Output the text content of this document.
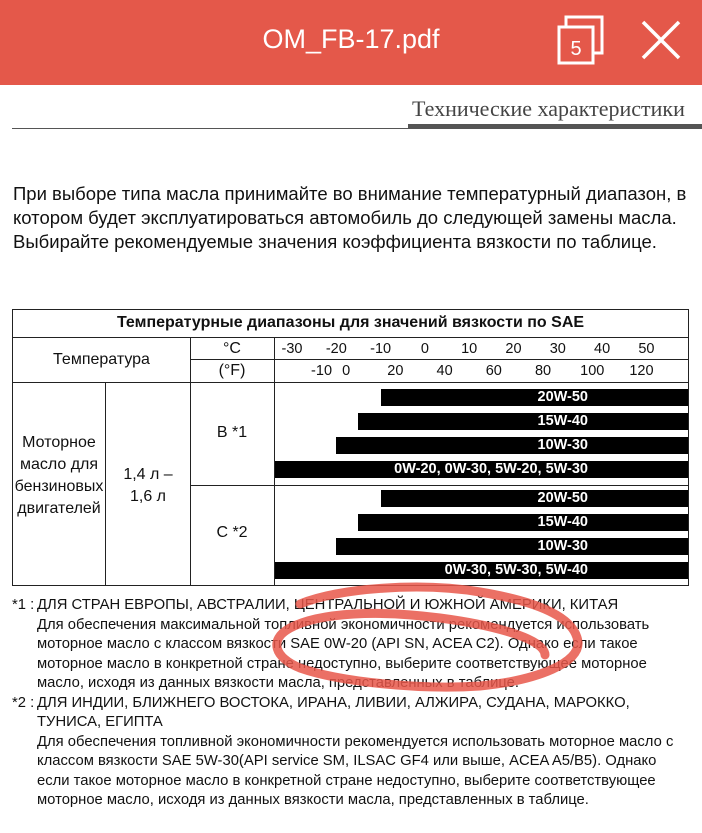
OM_FB-17.pdf	5
Технические характеристики
При выборе типа масла принимайте во внимание температурный диапазон, в котором будет эксплуатироваться автомобиль до следующей замены масла. Выбирайте рекомендуемые значения коэффициента вязкости по таблице.
Температурные диапазоны для значений вязкости по SAE
Температура
°C
(°F)
-30 -20 -10 0 10 20 30 40 50
-10 0	20 40 60 80 100 120
Моторное масло для бензиновых двигателей
1,4 л – 1,6 л
B *1
C *2
20W-50
15W-40
10W-30
0W-20, 0W-30, 5W-20, 5W-30
20W-50
15W-40
10W-30
0W-30, 5W-30, 5W-40
*1 : ДЛЯ СТРАН ЕВРОПЫ, АВСТРАЛИИ, ЦЕНТРАЛЬНОЙ И ЮЖНОЙ АМЕРИКИ, КИТАЯ
Для обеспечения максимальной топливной экономичности рекомендуется использовать моторное масло с классом вязкости SAE 0W-20 (API SN, ACEA C2). Однако если такое моторное масло в конкретной стране недоступно, выберите соответствующее моторное масло, исходя из данных вязкости масла, представленных в таблице.
*2 : ДЛЯ ИНДИИ, БЛИЖНЕГО ВОСТОКА, ИРАНА, ЛИВИИ, АЛЖИРА, СУДАНА, МАРОККО, ТУНИСА, ЕГИПТА
Для обеспечения топливной экономичности рекомендуется использовать моторное масло с классом вязкости SAE 5W-30(API service SM, ILSAC GF4 или выше, ACEA A5/B5). Однако если такое моторное масло в конкретной стране недоступно, выберите соответствующее моторное масло, исходя из данных вязкости масла, представленных в таблице.
